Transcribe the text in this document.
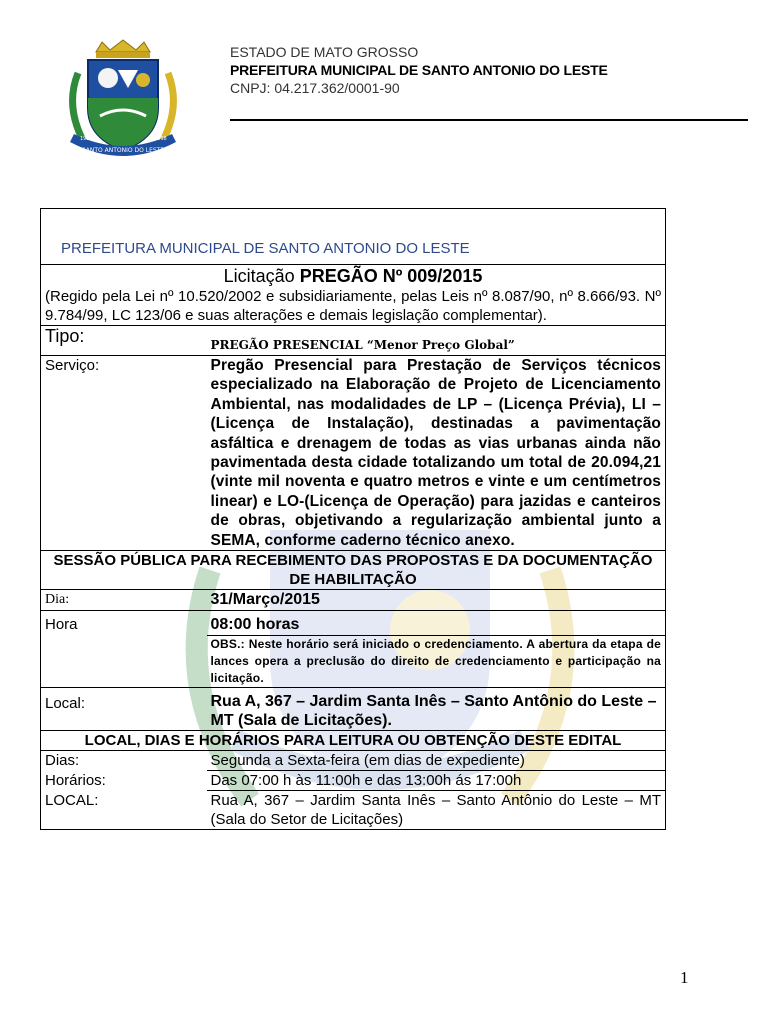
SANTO ANTONIO DO LESTE
1998	1998
ESTADO DE MATO GROSSO
PREFEITURA MUNICIPAL DE SANTO ANTONIO DO LESTE
CNPJ: 04.217.362/0001-90
PREFEITURA MUNICIPAL DE SANTO ANTONIO DO LESTE	
Licitação PREGÃO Nº 009/2015	
(Regido pela Lei nº 10.520/2002 e subsidiariamente, pelas Leis nº 8.087/90, nº 8.666/93. Nº 9.784/99, LC 123/06 e suas alterações e demais legislação complementar).	
Tipo:	PREGÃO PRESENCIAL “Menor Preço Global”
Serviço:	Pregão Presencial para Prestação de Serviços técnicos especializado na Elaboração de Projeto de Licenciamento Ambiental, nas modalidades de LP – (Licença Prévia), LI – (Licença de Instalação), destinadas a pavimentação asfáltica e drenagem de todas as vias urbanas ainda não pavimentada desta cidade totalizando um total de 20.094,21 (vinte mil noventa e quatro metros e vinte e um centímetros linear) e LO-(Licença de Operação) para jazidas e canteiros de obras, objetivando a regularização ambiental junto a SEMA, conforme caderno técnico anexo.
SESSÃO PÚBLICA PARA RECEBIMENTO DAS PROPOSTAS E DA DOCUMENTAÇÃO DE HABILITAÇÃO	
Dia:	31/Março/2015
Hora	08:00 horas
	OBS.: Neste horário será iniciado o credenciamento. A abertura da etapa de lances opera a preclusão do direito de credenciamento e participação na licitação.
Local:	Rua A, 367 – Jardim Santa Inês – Santo Antônio do Leste – MT (Sala de Licitações).
LOCAL, DIAS E HORÁRIOS PARA LEITURA OU OBTENÇÃO DESTE EDITAL	
Dias:	Segunda a Sexta-feira (em dias de expediente)
Horários:	Das 07:00 h às 11:00h e das 13:00h ás 17:00h
LOCAL:	Rua A, 367 – Jardim Santa Inês – Santo Antônio do Leste – MT (Sala do Setor de Licitações)
1
